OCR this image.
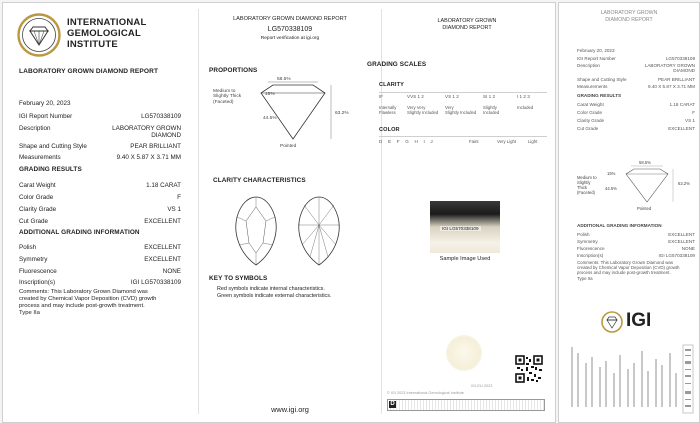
INTERNATIONAL
GEMOLOGICAL
INSTITUTE
LABORATORY GROWN DIAMOND REPORT
February 20, 2023
IGI Report Number	LG570338109
Description	LABORATORY GROWN
DIAMOND
Shape and Cutting Style	PEAR BRILLIANT
Measurements	9.40 X 5.87 X 3.71 MM
GRADING RESULTS
Carat Weight	1.18 CARAT
Color Grade	F
Clarity Grade	VS 1
Cut Grade	EXCELLENT
ADDITIONAL GRADING INFORMATION
Polish	EXCELLENT
Symmetry	EXCELLENT
Fluorescence	NONE
Inscription(s)	IGI LG570338109
Comments: This Laboratory Grown Diamond was
created by Chemical Vapor Deposition (CVD) growth
process and may include post-growth treatment.
Type IIa
LABORATORY GROWN DIAMOND REPORT
LG570338109
Report verification at igi.org
PROPORTIONS
58.5%
15%
44.5%
63.2%
Medium to
Slightly Thick
(Faceted)
Pointed
CLARITY CHARACTERISTICS
KEY TO SYMBOLS
Red symbols indicate internal characteristics.
Green symbols indicate external characteristics.
www.igi.org
LABORATORY GROWN
DIAMOND REPORT
GRADING SCALES
CLARITY
IF	VVS 1 2	VS 1 2	SI 1 2	I 1 2 3
Internally
Flawless
Very Very
Slightly Included
Very
Slightly Included
Slightly
Included
Included
COLOR
D E F G H I J	Faint	Very Light	Light
IGI LG570338109
Sample Image Used
© IGI 2023 International Gemological Institute
IGI-EU-2023
D
LABORATORY GROWN
DIAMOND REPORT
February 20, 2023
IGI Report Number	LG570338109
Description	LABORATORY GROWN
DIAMOND
Shape and Cutting Style	PEAR BRILLIANT
Measurements	9.40 X 5.87 X 3.71 MM
GRADING RESULTS
Carat Weight	1.18 CARAT
Color Grade	F
Clarity Grade	VS 1
Cut Grade	EXCELLENT
58.5%
15%
44.5%
63.2%
Medium to
Slightly
Thick
(Faceted)
Pointed
ADDITIONAL GRADING INFORMATION
Polish	EXCELLENT
Symmetry	EXCELLENT
Fluorescence	NONE
Inscription(s)	IGI LG570338109
Comments: This Laboratory Grown Diamond was
created by Chemical Vapor Deposition (CVD) growth
process and may include post-growth treatment.
Type IIa
IGI
